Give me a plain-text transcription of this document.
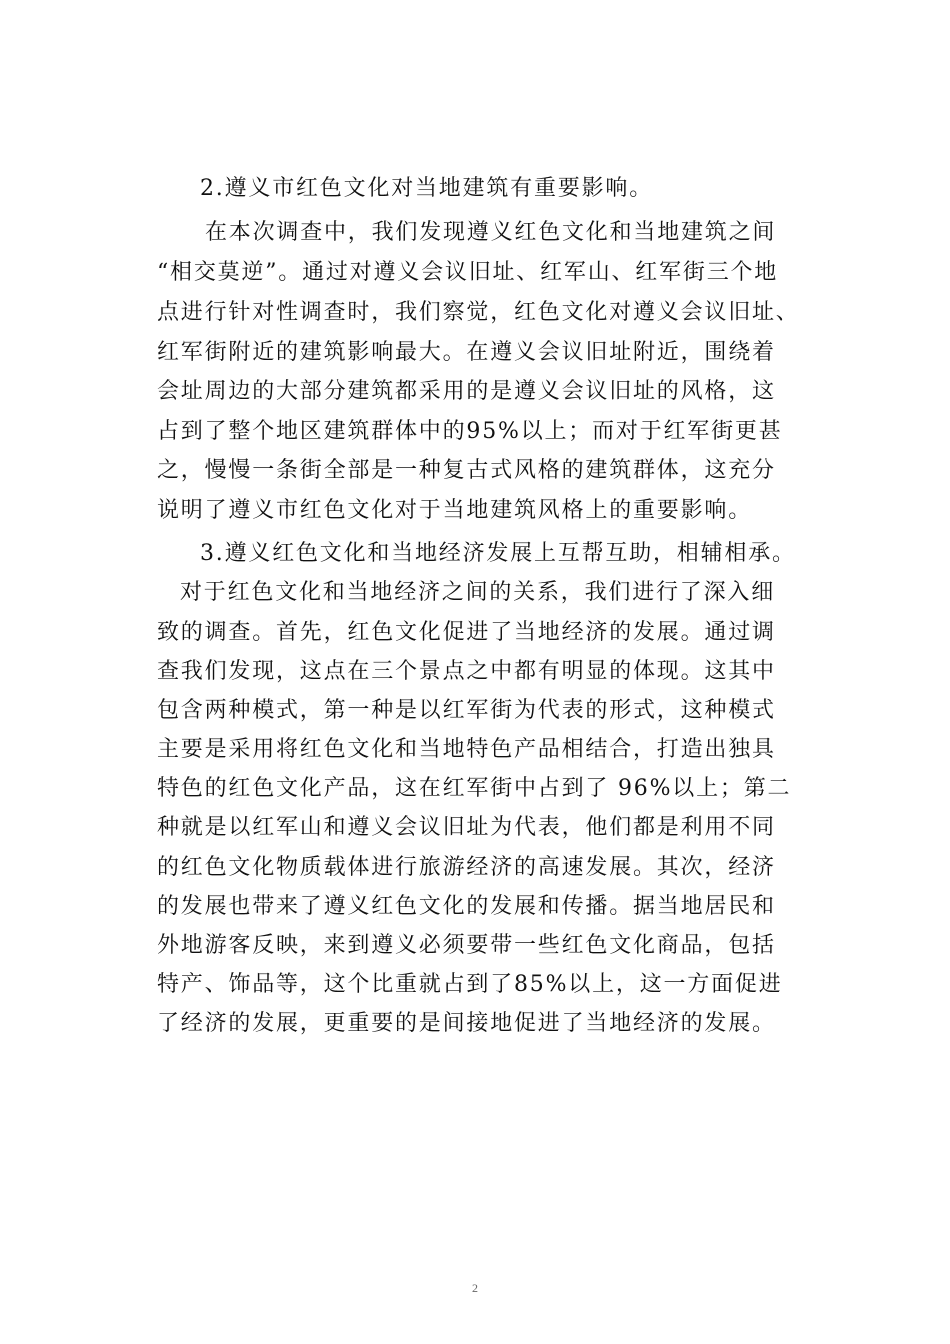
2.遵义市红色文化对当地建筑有重要影响。
在本次调查中，我们发现遵义红色文化和当地建筑之间
“相交莫逆”。通过对遵义会议旧址、红军山、红军街三个地
点进行针对性调查时，我们察觉，红色文化对遵义会议旧址、
红军街附近的建筑影响最大。在遵义会议旧址附近，围绕着
会址周边的大部分建筑都采用的是遵义会议旧址的风格，这
占到了整个地区建筑群体中的95%以上；而对于红军街更甚
之，慢慢一条街全部是一种复古式风格的建筑群体，这充分
说明了遵义市红色文化对于当地建筑风格上的重要影响。
3.遵义红色文化和当地经济发展上互帮互助，相辅相承。
对于红色文化和当地经济之间的关系，我们进行了深入细
致的调查。首先，红色文化促进了当地经济的发展。通过调
查我们发现，这点在三个景点之中都有明显的体现。这其中
包含两种模式，第一种是以红军街为代表的形式，这种模式
主要是采用将红色文化和当地特色产品相结合，打造出独具
特色的红色文化产品，这在红军街中占到了 96%以上；第二
种就是以红军山和遵义会议旧址为代表，他们都是利用不同
的红色文化物质载体进行旅游经济的高速发展。其次，经济
的发展也带来了遵义红色文化的发展和传播。据当地居民和
外地游客反映，来到遵义必须要带一些红色文化商品，包括
特产、饰品等，这个比重就占到了85%以上，这一方面促进
了经济的发展，更重要的是间接地促进了当地经济的发展。
2
